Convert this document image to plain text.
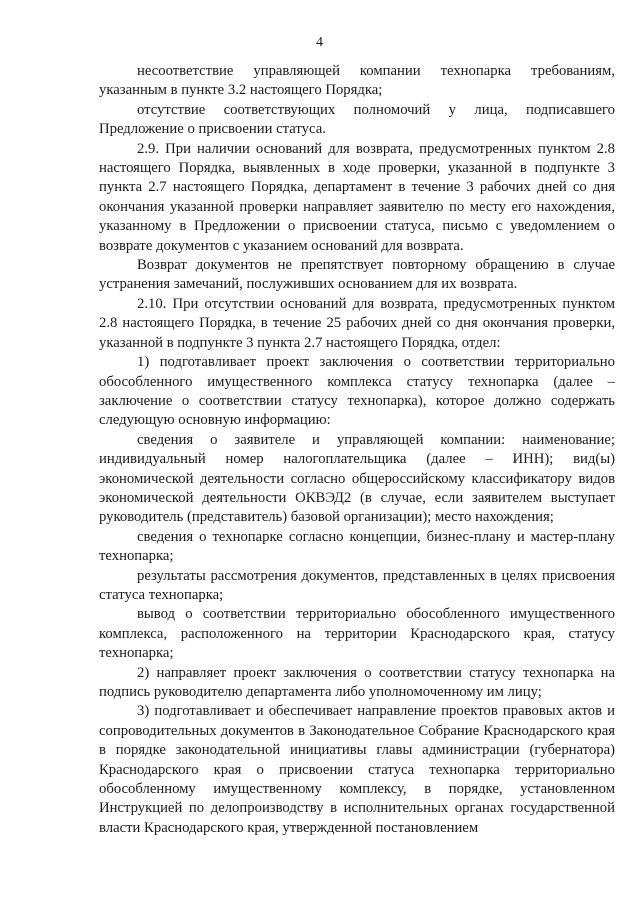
4

несоответствие управляющей компании технопарка требованиям, указанным в пункте 3.2 настоящего Порядка;

отсутствие соответствующих полномочий у лица, подписавшего Предложение о присвоении статуса.

2.9. При наличии оснований для возврата, предусмотренных пунктом 2.8 настоящего Порядка, выявленных в ходе проверки, указанной в подпункте 3 пункта 2.7 настоящего Порядка, департамент в течение 3 рабочих дней со дня окончания указанной проверки направляет заявителю по месту его нахождения, указанному в Предложении о присвоении статуса, письмо с уведомлением о возврате документов с указанием оснований для возврата.

Возврат документов не препятствует повторному обращению в случае устранения замечаний, послуживших основанием для их возврата.

2.10. При отсутствии оснований для возврата, предусмотренных пунктом 2.8 настоящего Порядка, в течение 25 рабочих дней со дня окончания проверки, указанной в подпункте 3 пункта 2.7 настоящего Порядка, отдел:

1) подготавливает проект заключения о соответствии территориально обособленного имущественного комплекса статусу технопарка (далее – заключение о соответствии статусу технопарка), которое должно содержать следующую основную информацию:

сведения о заявителе и управляющей компании: наименование; индивидуальный номер налогоплательщика (далее – ИНН); вид(ы) экономической деятельности согласно общероссийскому классификатору видов экономической деятельности ОКВЭД2 (в случае, если заявителем выступает руководитель (представитель) базовой организации); место нахождения;

сведения о технопарке согласно концепции, бизнес-плану и мастер-плану технопарка;

результаты рассмотрения документов, представленных в целях присвоения статуса технопарка;

вывод о соответствии территориально обособленного имущественного комплекса, расположенного на территории Краснодарского края, статусу технопарка;

2) направляет проект заключения о соответствии статусу технопарка на подпись руководителю департамента либо уполномоченному им лицу;

3) подготавливает и обеспечивает направление проектов правовых актов и сопроводительных документов в Законодательное Собрание Краснодарского края в порядке законодательной инициативы главы администрации (губернатора) Краснодарского края о присвоении статуса технопарка территориально обособленному имущественному комплексу, в порядке, установленном Инструкцией по делопроизводству в исполнительных органах государственной власти Краснодарского края, утвержденной постановлением
